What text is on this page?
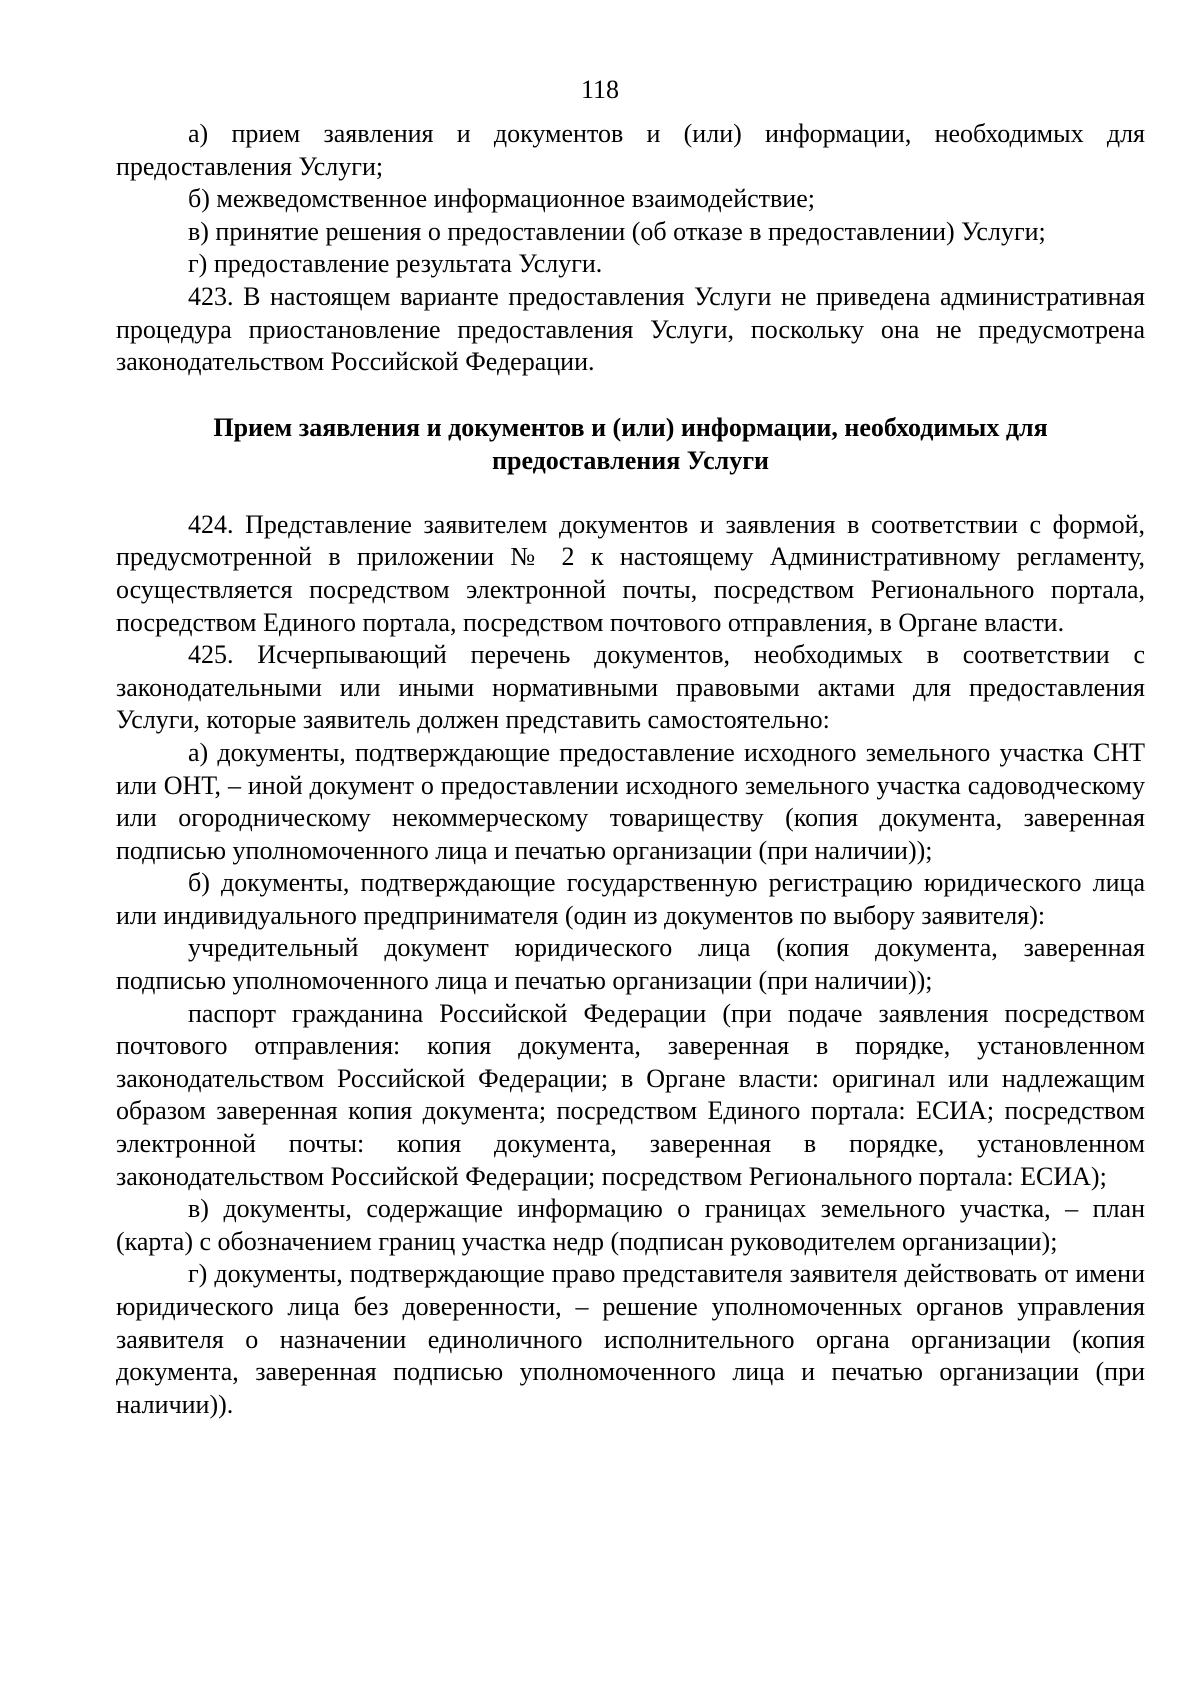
118

а) прием заявления и документов и (или) информации, необходимых для предоставления Услуги;

б) межведомственное информационное взаимодействие;

в) принятие решения о предоставлении (об отказе в предоставлении) Услуги;

г) предоставление результата Услуги.

423. В настоящем варианте предоставления Услуги не приведена административная процедура приостановление предоставления Услуги, поскольку она не предусмотрена законодательством Российской Федерации.

Прием заявления и документов и (или) информации, необходимых для
предоставления Услуги

424. Представление заявителем документов и заявления в соответствии с формой, предусмотренной в приложении № 2 к настоящему Административному регламенту, осуществляется посредством электронной почты, посредством Регионального портала, посредством Единого портала, посредством почтового отправления, в Органе власти.

425. Исчерпывающий перечень документов, необходимых в соответствии с законодательными или иными нормативными правовыми актами для предоставления Услуги, которые заявитель должен представить самостоятельно:

а) документы, подтверждающие предоставление исходного земельного участка СНТ или ОНТ, – иной документ о предоставлении исходного земельного участка садоводческому или огородническому некоммерческому товариществу (копия документа, заверенная подписью уполномоченного лица и печатью организации (при наличии));

б) документы, подтверждающие государственную регистрацию юридического лица или индивидуального предпринимателя (один из документов по выбору заявителя):

учредительный документ юридического лица (копия документа, заверенная подписью уполномоченного лица и печатью организации (при наличии));

паспорт гражданина Российской Федерации (при подаче заявления посредством почтового отправления: копия документа, заверенная в порядке, установленном законодательством Российской Федерации; в Органе власти: оригинал или надлежащим образом заверенная копия документа; посредством Единого портала: ЕСИА; посредством электронной почты: копия документа, заверенная в порядке, установленном законодательством Российской Федерации; посредством Регионального портала: ЕСИА);

в) документы, содержащие информацию о границах земельного участка, – план (карта) с обозначением границ участка недр (подписан руководителем организации);

г) документы, подтверждающие право представителя заявителя действовать от имени юридического лица без доверенности, – решение уполномоченных органов управления заявителя о назначении единоличного исполнительного органа организации (копия документа, заверенная подписью уполномоченного лица и печатью организации (при наличии)).
